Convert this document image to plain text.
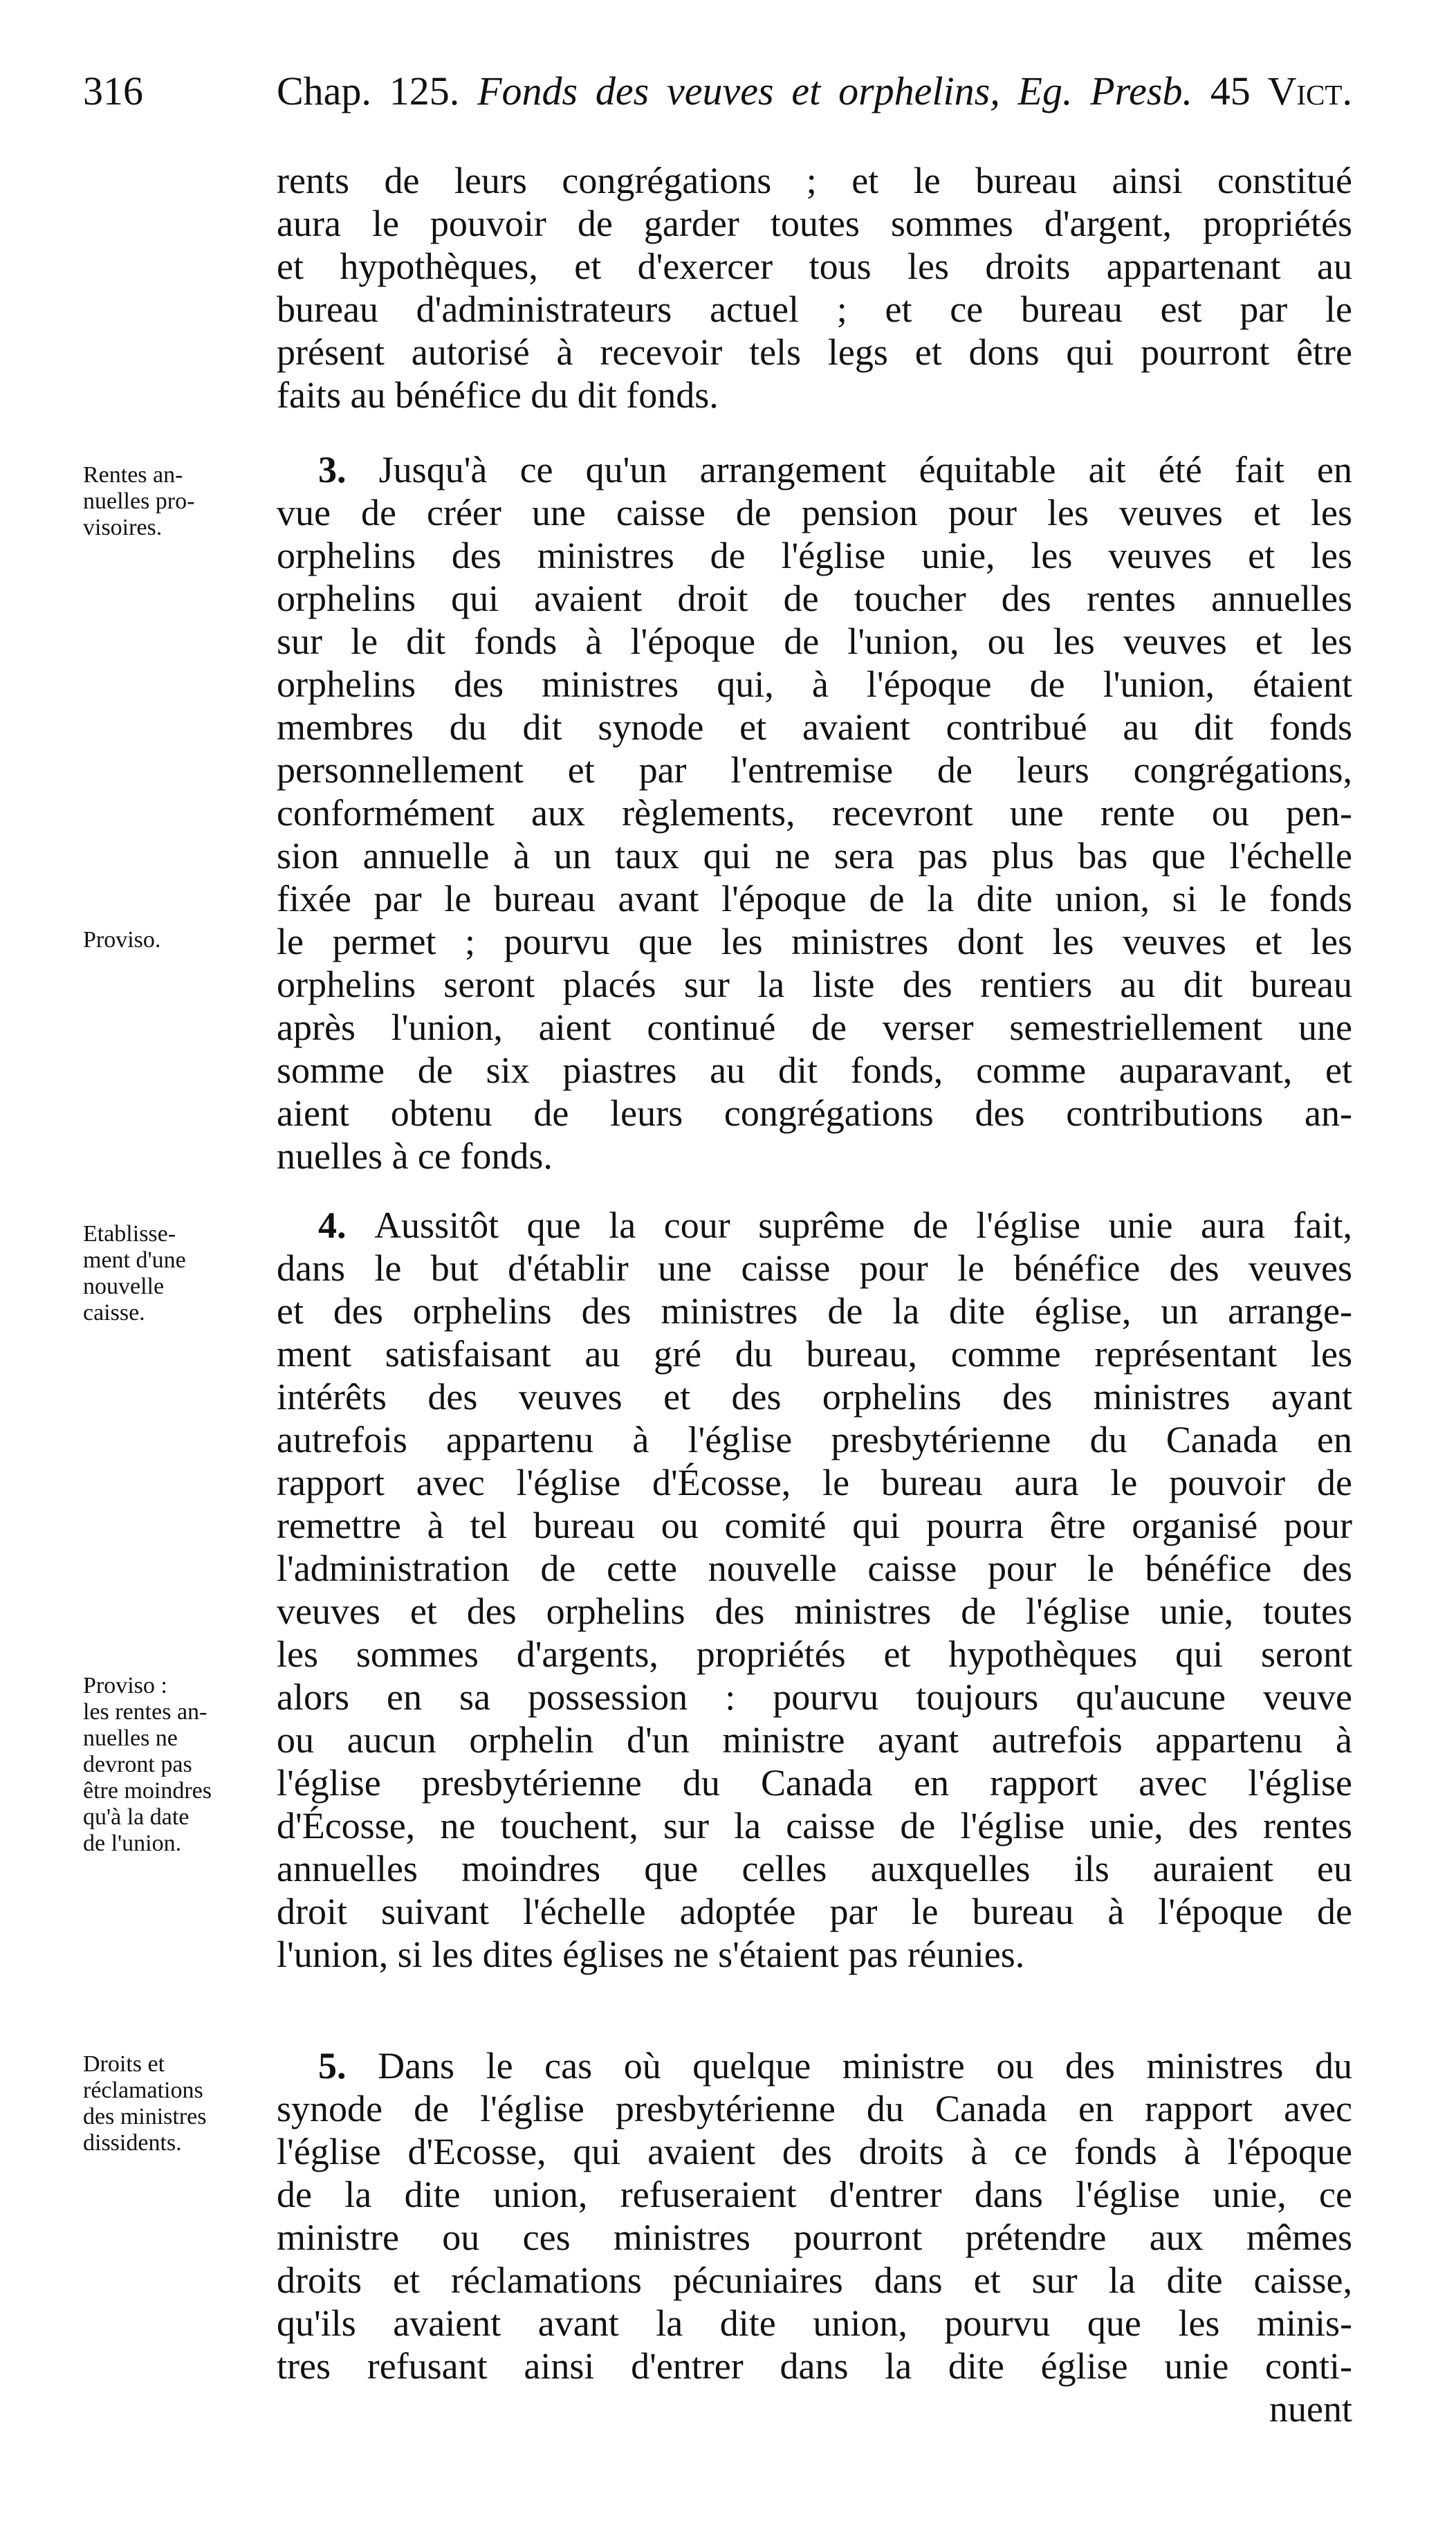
316	Chap. 125. Fonds des veuves et orphelins, Eg. Presb. 45 Vict.
rents de leurs congrégations ; et le bureau ainsi constitué
aura le pouvoir de garder toutes sommes d'argent, propriétés
et hypothèques, et d'exercer tous les droits appartenant au
bureau d'administrateurs actuel ; et ce bureau est par le
présent autorisé à recevoir tels legs et dons qui pourront être
faits au bénéfice du dit fonds.
3. Jusqu'à ce qu'un arrangement équitable ait été fait en
vue de créer une caisse de pension pour les veuves et les
orphelins des ministres de l'église unie, les veuves et les
orphelins qui avaient droit de toucher des rentes annuelles
sur le dit fonds à l'époque de l'union, ou les veuves et les
orphelins des ministres qui, à l'époque de l'union, étaient
membres du dit synode et avaient contribué au dit fonds
personnellement et par l'entremise de leurs congrégations,
conformément aux règlements, recevront une rente ou pen-
sion annuelle à un taux qui ne sera pas plus bas que l'échelle
fixée par le bureau avant l'époque de la dite union, si le fonds
le permet ; pourvu que les ministres dont les veuves et les
orphelins seront placés sur la liste des rentiers au dit bureau
après l'union, aient continué de verser semestriellement une
somme de six piastres au dit fonds, comme auparavant, et
aient obtenu de leurs congrégations des contributions an-
nuelles à ce fonds.
4. Aussitôt que la cour suprême de l'église unie aura fait,
dans le but d'établir une caisse pour le bénéfice des veuves
et des orphelins des ministres de la dite église, un arrange-
ment satisfaisant au gré du bureau, comme représentant les
intérêts des veuves et des orphelins des ministres ayant
autrefois appartenu à l'église presbytérienne du Canada en
rapport avec l'église d'Écosse, le bureau aura le pouvoir de
remettre à tel bureau ou comité qui pourra être organisé pour
l'administration de cette nouvelle caisse pour le bénéfice des
veuves et des orphelins des ministres de l'église unie, toutes
les sommes d'argents, propriétés et hypothèques qui seront
alors en sa possession : pourvu toujours qu'aucune veuve
ou aucun orphelin d'un ministre ayant autrefois appartenu à
l'église presbytérienne du Canada en rapport avec l'église
d'Écosse, ne touchent, sur la caisse de l'église unie, des rentes
annuelles moindres que celles auxquelles ils auraient eu
droit suivant l'échelle adoptée par le bureau à l'époque de
l'union, si les dites églises ne s'étaient pas réunies.
5. Dans le cas où quelque ministre ou des ministres du
synode de l'église presbytérienne du Canada en rapport avec
l'église d'Ecosse, qui avaient des droits à ce fonds à l'époque
de la dite union, refuseraient d'entrer dans l'église unie, ce
ministre ou ces ministres pourront prétendre aux mêmes
droits et réclamations pécuniaires dans et sur la dite caisse,
qu'ils avaient avant la dite union, pourvu que les minis-
tres refusant ainsi d'entrer dans la dite église unie conti-
nuent
Rentes an-
nuelles pro-
visoires.
Proviso.
Etablisse-
ment d'une
nouvelle
caisse.
Proviso :
les rentes an-
nuelles ne
devront pas
être moindres
qu'à la date
de l'union.
Droits et
réclamations
des ministres
dissidents.
